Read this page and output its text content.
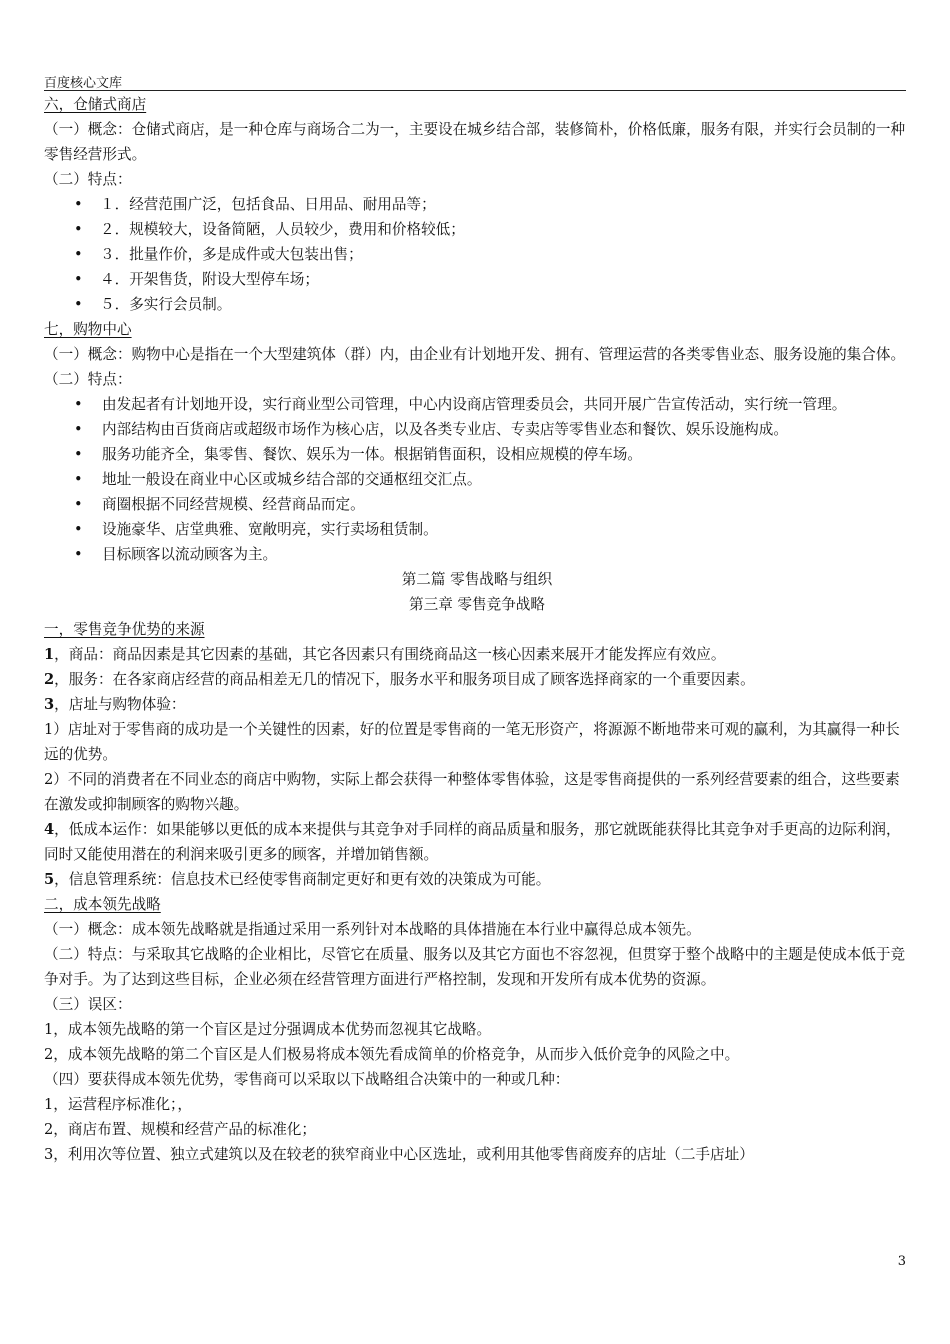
百度核心文库
六，仓储式商店
（一）概念：仓储式商店，是一种仓库与商场合二为一，主要设在城乡结合部，装修简朴，价格低廉，服务有限，并实行会员制的一种零售经营形式。
（二）特点：
•	１．经营范围广泛，包括食品、日用品、耐用品等；
•	２．规模较大，设备简陋，人员较少，费用和价格较低；
•	３．批量作价，多是成件或大包装出售；
•	４．开架售货，附设大型停车场；
•	５．多实行会员制。
七，购物中心
（一）概念：购物中心是指在一个大型建筑体（群）内，由企业有计划地开发、拥有、管理运营的各类零售业态、服务设施的集合体。
（二）特点：
•	由发起者有计划地开设，实行商业型公司管理，中心内设商店管理委员会，共同开展广告宣传活动，实行统一管理。
•	内部结构由百货商店或超级市场作为核心店，以及各类专业店、专卖店等零售业态和餐饮、娱乐设施构成。
•	服务功能齐全，集零售、餐饮、娱乐为一体。根据销售面积，设相应规模的停车场。
•	地址一般设在商业中心区或城乡结合部的交通枢纽交汇点。
•	商圈根据不同经营规模、经营商品而定。
•	设施豪华、店堂典雅、宽敞明亮，实行卖场租赁制。
•	目标顾客以流动顾客为主。
第二篇 零售战略与组织
第三章 零售竞争战略
一，零售竞争优势的来源
1，商品：商品因素是其它因素的基础，其它各因素只有围绕商品这一核心因素来展开才能发挥应有效应。
2，服务：在各家商店经营的商品相差无几的情况下，服务水平和服务项目成了顾客选择商家的一个重要因素。
3，店址与购物体验：
1）店址对于零售商的成功是一个关键性的因素，好的位置是零售商的一笔无形资产，将源源不断地带来可观的赢利，为其赢得一种长远的优势。
2）不同的消费者在不同业态的商店中购物，实际上都会获得一种整体零售体验，这是零售商提供的一系列经营要素的组合，这些要素在激发或抑制顾客的购物兴趣。
4，低成本运作：如果能够以更低的成本来提供与其竞争对手同样的商品质量和服务，那它就既能获得比其竞争对手更高的边际利润，同时又能使用潜在的利润来吸引更多的顾客，并增加销售额。
5，信息管理系统：信息技术已经使零售商制定更好和更有效的决策成为可能。
二，成本领先战略
（一）概念：成本领先战略就是指通过采用一系列针对本战略的具体措施在本行业中赢得总成本领先。
（二）特点：与采取其它战略的企业相比，尽管它在质量、服务以及其它方面也不容忽视，但贯穿于整个战略中的主题是使成本低于竞争对手。为了达到这些目标，企业必须在经营管理方面进行严格控制，发现和开发所有成本优势的资源。
（三）误区：
1，成本领先战略的第一个盲区是过分强调成本优势而忽视其它战略。
2，成本领先战略的第二个盲区是人们极易将成本领先看成简单的价格竞争，从而步入低价竞争的风险之中。
（四）要获得成本领先优势，零售商可以采取以下战略组合决策中的一种或几种：
1，运营程序标准化；，
2，商店布置、规模和经营产品的标准化；
3，利用次等位置、独立式建筑以及在较老的狭窄商业中心区选址，或利用其他零售商废弃的店址（二手店址）
3
